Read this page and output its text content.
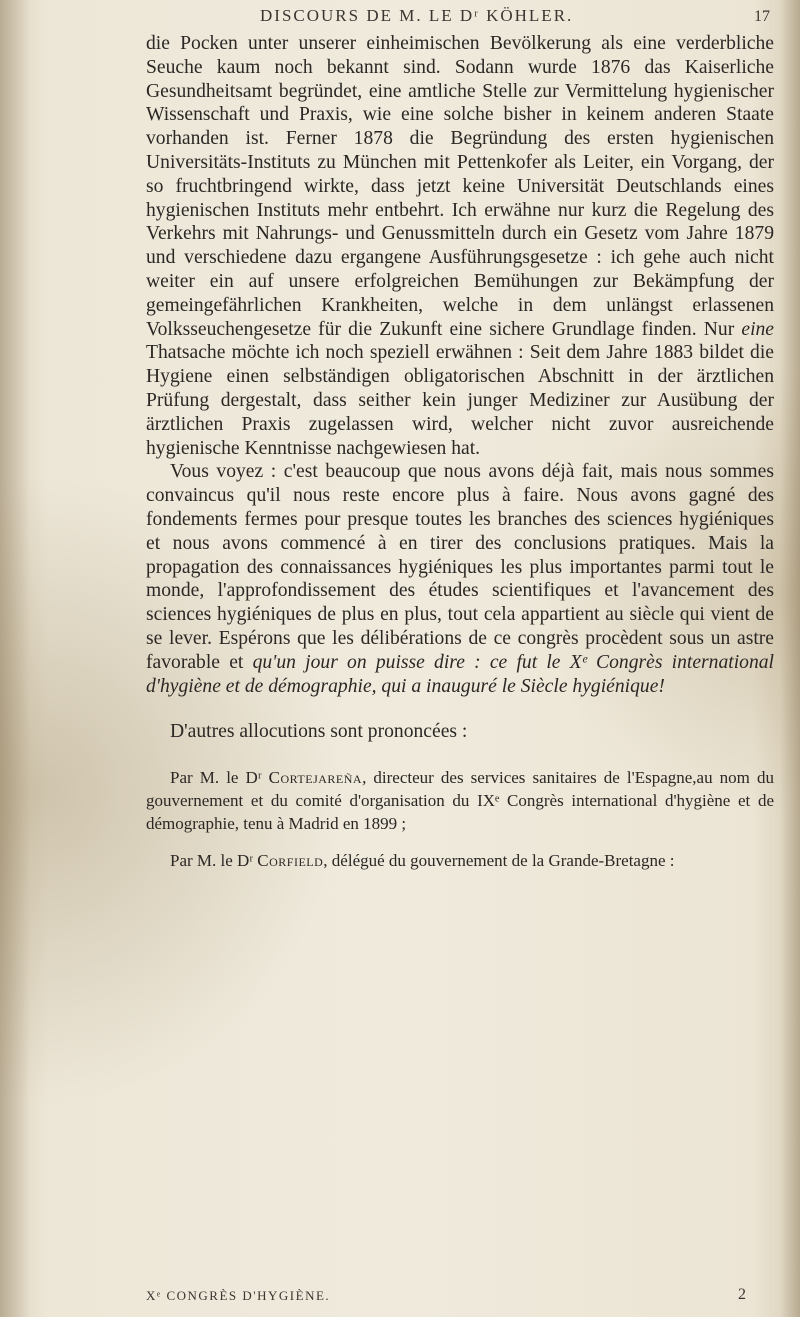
DISCOURS DE M. LE Dʳ KÖHLER.	17

die Pocken unter unserer einheimischen Bevölkerung als eine verderbliche Seuche kaum noch bekannt sind. Sodann wurde 1876 das Kaiserliche Gesundheitsamt begründet, eine amtliche Stelle zur Vermittelung hygienischer Wissenschaft und Praxis, wie eine solche bisher in keinem anderen Staate vorhanden ist. Ferner 1878 die Begründung des ersten hygienischen Universitäts-Instituts zu München mit Pettenkofer als Leiter, ein Vorgang, der so fruchtbringend wirkte, dass jetzt keine Universität Deutschlands eines hygienischen Instituts mehr entbehrt. Ich erwähne nur kurz die Regelung des Verkehrs mit Nahrungs- und Genussmitteln durch ein Gesetz vom Jahre 1879 und verschiedene dazu ergangene Ausführungsgesetze : ich gehe auch nicht weiter ein auf unsere erfolgreichen Bemühungen zur Bekämpfung der gemeingefährlichen Krankheiten, welche in dem unlängst erlassenen Volksseuchengesetze für die Zukunft eine sichere Grundlage finden. Nur eine Thatsache möchte ich noch speziell erwähnen : Seit dem Jahre 1883 bildet die Hygiene einen selbständigen obligatorischen Abschnitt in der ärztlichen Prüfung dergestalt, dass seither kein junger Mediziner zur Ausübung der ärztlichen Praxis zugelassen wird, welcher nicht zuvor ausreichende hygienische Kenntnisse nachgewiesen hat.

Vous voyez : c'est beaucoup que nous avons déjà fait, mais nous sommes convaincus qu'il nous reste encore plus à faire. Nous avons gagné des fondements fermes pour presque toutes les branches des sciences hygiéniques et nous avons commencé à en tirer des conclusions pratiques. Mais la propagation des connaissances hygiéniques les plus importantes parmi tout le monde, l'approfondissement des études scientifiques et l'avancement des sciences hygiéniques de plus en plus, tout cela appartient au siècle qui vient de se lever. Espérons que les délibérations de ce congrès procèdent sous un astre favorable et qu'un jour on puisse dire : ce fut le Xᵉ Congrès international d'hygiène et de démographie, qui a inauguré le Siècle hygiénique!

D'autres allocutions sont prononcées :

Par M. le Dʳ Cortejareña, directeur des services sanitaires de l'Espagne,au nom du gouvernement et du comité d'organisation du IXᵉ Congrès international d'hygiène et de démographie, tenu à Madrid en 1899 ;

Par M. le Dʳ Corfield, délégué du gouvernement de la Grande-Bretagne :

Xᵉ CONGRÈS D'HYGIÈNE.	2
